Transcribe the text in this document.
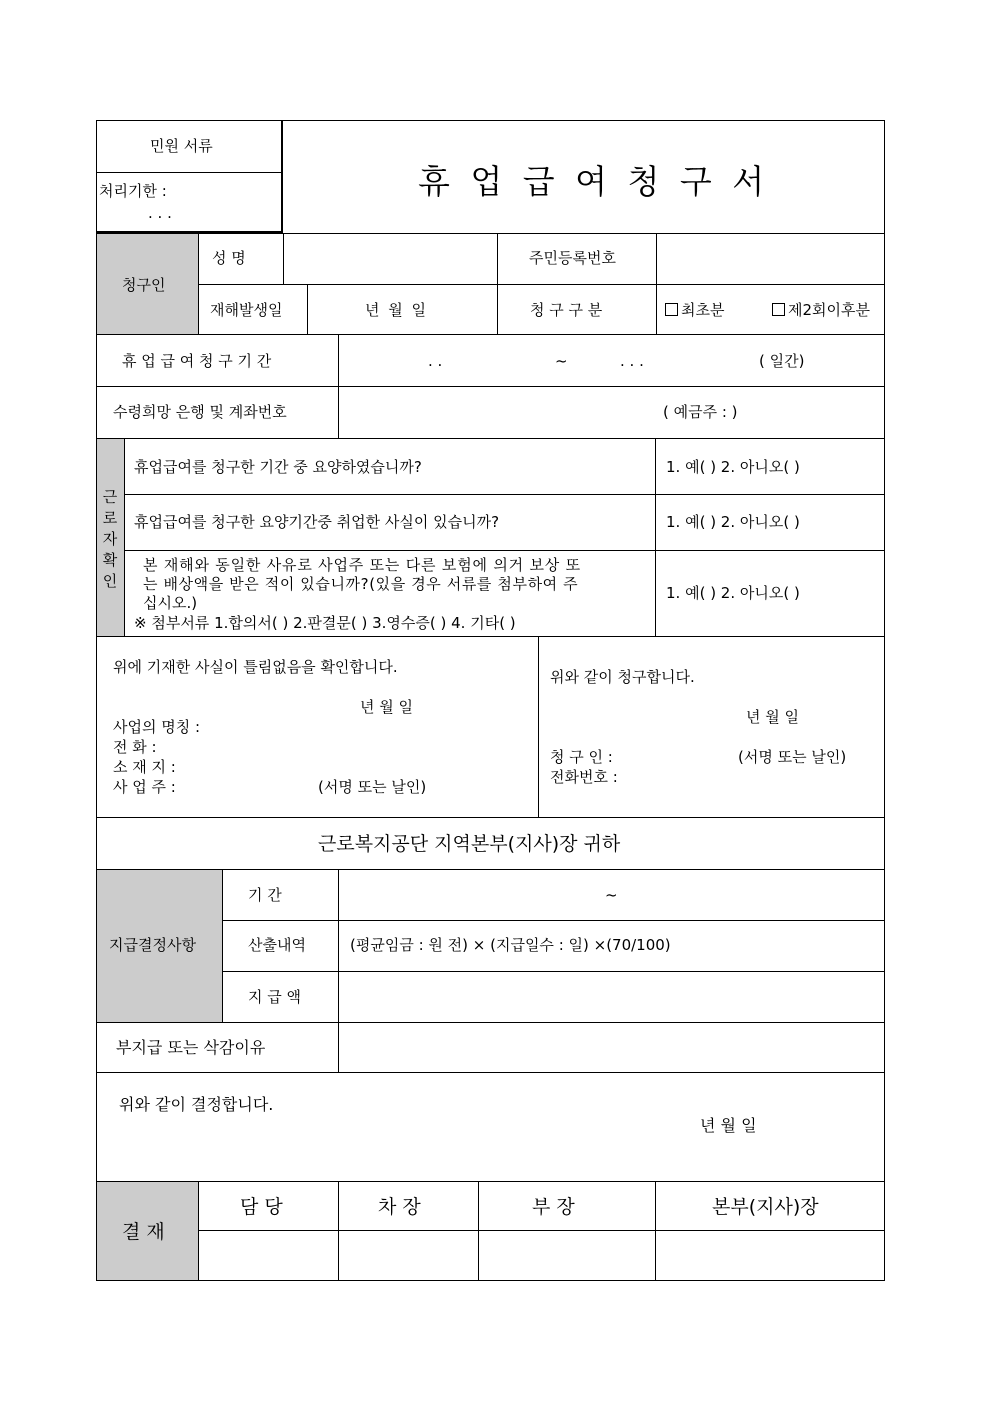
민원 서류
처리기한 :
. . .
휴 업 급 여 청 구 서
청구인
성 명	주민등록번호
재해발생일	년 월 일	청 구 구 분	최초분	제2회이후분
휴 업 급 여 청 구 기 간	. .	~	. . .	( 일간)
수령희망 은행 및 계좌번호	( 예금주 : )
근
로
자
확
인
휴업급여를 청구한 기간 중 요양하였습니까?	1. 예( ) 2. 아니오( )
휴업급여를 청구한 요양기간중 취업한 사실이 있습니까?	1. 예( ) 2. 아니오( )
본 재해와 동일한 사유로 사업주 또는 다른 보험에 의거 보상 또
는 배상액을 받은 적이 있습니까?(있을 경우 서류를 첨부하여 주
십시오.)
※ 첨부서류 1.합의서( ) 2.판결문( ) 3.영수증( ) 4. 기타( )
1. 예( ) 2. 아니오( )
위에 기재한 사실이 틀림없음을 확인합니다.
년 월 일
사업의 명칭 :
전 화 :
소 재 지 :
사 업 주 :	(서명 또는 날인)
위와 같이 청구합니다.
년 월 일
청 구 인 :	(서명 또는 날인)
전화번호 :
근로복지공단 지역본부(지사)장 귀하
지급결정사항
기 간	~
산출내역	(평균임금 : 원 전) × (지급일수 : 일) ×(70/100)
지 급 액
부지급 또는 삭감이유
위와 같이 결정합니다.
년 월 일
결 재
담 당	차 장	부 장	본부(지사)장
